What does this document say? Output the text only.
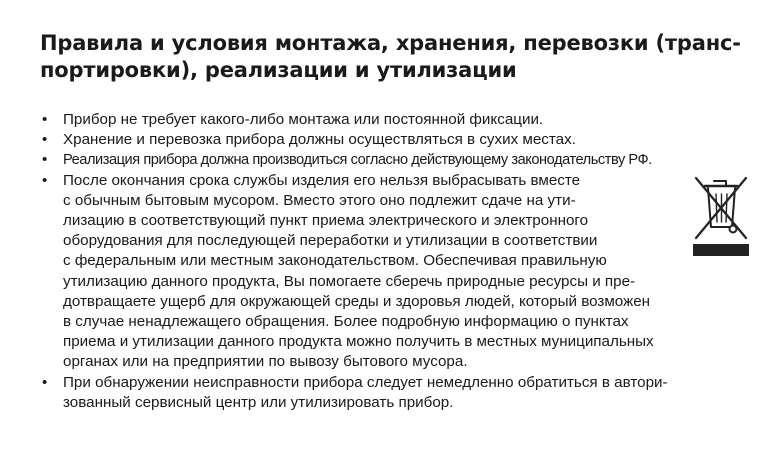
Правила и условия монтажа, хранения, перевозки (транс-
портировки), реализации и утилизации
• Прибор не требует какого-либо монтажа или постоянной фиксации.
• Хранение и перевозка прибора должны осуществляться в сухих местах.
• Реализация прибора должна производиться согласно действующему законодательству РФ.
• После окончания срока службы изделия его нельзя выбрасывать вместе
с обычным бытовым мусором. Вместо этого оно подлежит сдаче на ути-
лизацию в соответствующий пункт приема электрического и электронного
оборудования для последующей переработки и утилизации в соответствии
с федеральным или местным законодательством. Обеспечивая правильную
утилизацию данного продукта, Вы помогаете сберечь природные ресурсы и пре-
дотвращаете ущерб для окружающей среды и здоровья людей, который возможен
в случае ненадлежащего обращения. Более подробную информацию о пунктах
приема и утилизации данного продукта можно получить в местных муниципальных
органах или на предприятии по вывозу бытового мусора.
• При обнаружении неисправности прибора следует немедленно обратиться в автори-
зованный сервисный центр или утилизировать прибор.
